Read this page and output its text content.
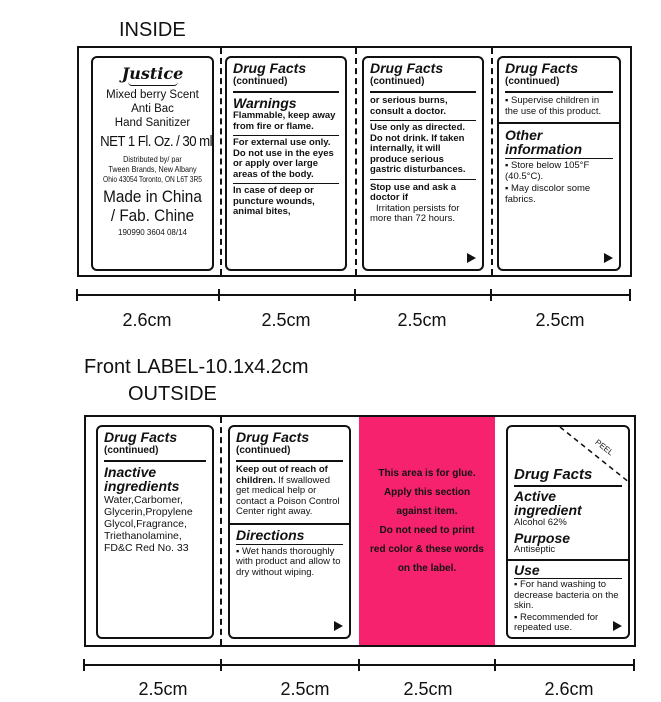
INSIDE
Front LABEL-10.1x4.2cm
OUTSIDE
Justice
Mixed berry Scent
Anti Bac
Hand Sanitizer
NET 1 Fl. Oz. / 30 ml
Distributed by/ par
Tween Brands, New Albany
Ohio 43054 Toronto, ON L6T 3R5
Made in China
/ Fab. Chine
190990 3604 08/14
Drug Facts
(continued)
Warnings
Flammable, keep away from fire or flame.
For external use only. Do not use in the eyes or apply over large areas of the body.
In case of deep or puncture wounds, animal bites,
Drug Facts
(continued)
or serious burns, consult a doctor.
Use only as directed. Do not drink. If taken internally, it will produce serious gastric disturbances.
Stop use and ask a doctor if
Irritation persists for more than 72 hours.
Drug Facts
(continued)
▪ Supervise children in the use of this product.
Other information
▪ Store below 105°F (40.5°C).
▪ May discolor some fabrics.
2.6cm	2.5cm	2.5cm	2.5cm
Drug Facts
(continued)
Inactive ingredients
Water,Carbomer, Glycerin,Propylene Glycol,Fragrance, Triethanolamine, FD&C Red No. 33
Drug Facts
(continued)
Keep out of reach of children. If swallowed get medical help or contact a Poison Control Center right away.
Directions
▪ Wet hands thoroughly with product and allow to dry without wiping.
This area is for glue.
Apply this section
against item.
Do not need to print
red color & these words
on the label.
PEEL
Drug Facts
Active ingredient
Alcohol 62%
Purpose
Antiseptic
Use
▪ For hand washing to decrease bacteria on the skin.
▪ Recommended for repeated use.
2.5cm	2.5cm	2.5cm	2.6cm
